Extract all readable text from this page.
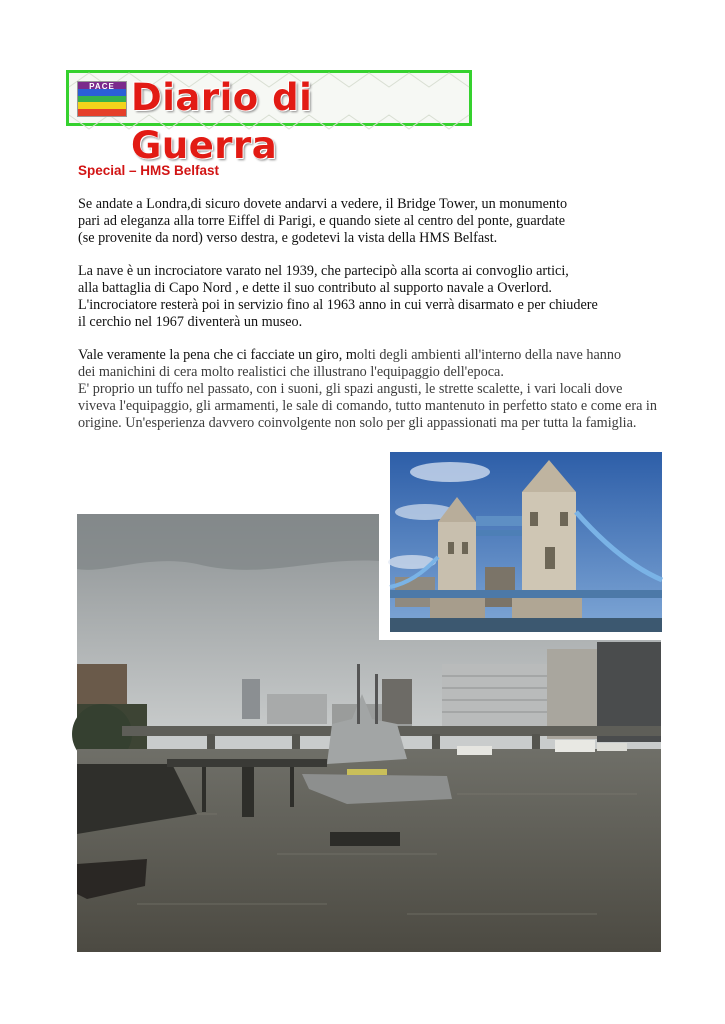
PACE Diario di Guerra
Special – HMS Belfast
Se andate a Londra,di sicuro dovete andarvi a vedere, il Bridge Tower, un monumento
pari ad eleganza alla torre Eiffel di Parigi, e quando siete al centro del ponte, guardate
(se provenite da nord) verso destra, e godetevi la vista della HMS Belfast.
La nave è un incrociatore varato nel 1939, che partecipò alla scorta ai convoglio artici,
alla battaglia di Capo Nord , e dette il suo contributo al supporto navale a Overlord.
L'incrociatore resterà poi in servizio fino al 1963 anno in cui verrà disarmato e per chiudere
il cerchio nel 1967 diventerà un museo.
Vale veramente la pena che ci facciate un giro, molti degli ambienti all'interno della nave hanno
dei manichini di cera molto realistici che illustrano l'equipaggio dell'epoca.
E' proprio un tuffo nel passato, con i suoni, gli spazi angusti, le strette scalette, i vari locali dove
viveva l'equipaggio, gli armamenti, le sale di comando, tutto mantenuto in perfetto stato e come era in
origine. Un'esperienza davvero coinvolgente non solo per gli appassionati ma per tutta la famiglia.
